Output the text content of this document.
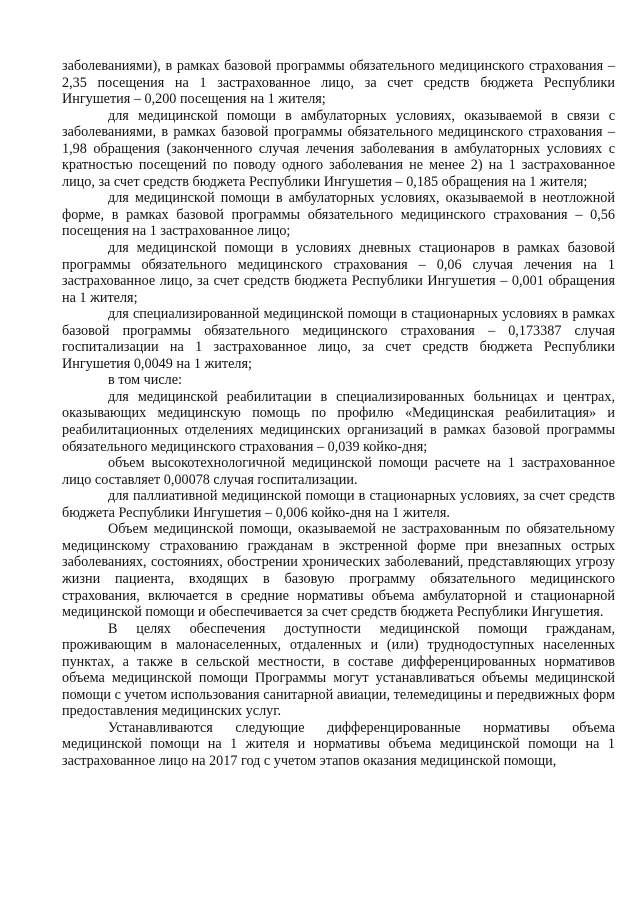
заболеваниями), в рамках базовой программы обязательного медицинского страхования – 2,35 посещения на 1 застрахованное лицо, за счет средств бюджета Республики Ингушетия – 0,200 посещения на 1 жителя;

для медицинской помощи в амбулаторных условиях, оказываемой в связи с заболеваниями, в рамках базовой программы обязательного медицинского страхования – 1,98 обращения (законченного случая лечения заболевания в амбулаторных условиях с кратностью посещений по поводу одного заболевания не менее 2) на 1 застрахованное лицо, за счет средств бюджета Республики Ингушетия – 0,185 обращения на 1 жителя;

для медицинской помощи в амбулаторных условиях, оказываемой в неотложной форме, в рамках базовой программы обязательного медицинского страхования – 0,56 посещения на 1 застрахованное лицо;

для медицинской помощи в условиях дневных стационаров в рамках базовой программы обязательного медицинского страхования – 0,06 случая лечения на 1 застрахованное лицо, за счет средств бюджета Республики Ингушетия – 0,001 обращения на 1 жителя;

для специализированной медицинской помощи в стационарных условиях в рамках базовой программы обязательного медицинского страхования – 0,173387 случая госпитализации на 1 застрахованное лицо, за счет средств бюджета Республики Ингушетия 0,0049 на 1 жителя;

в том числе:

для медицинской реабилитации в специализированных больницах и центрах, оказывающих медицинскую помощь по профилю «Медицинская реабилитация» и реабилитационных отделениях медицинских организаций в рамках базовой программы обязательного медицинского страхования – 0,039 койко-дня;

объем высокотехнологичной медицинской помощи расчете на 1 застрахованное лицо составляет 0,00078 случая госпитализации.

для паллиативной медицинской помощи в стационарных условиях, за счет средств бюджета Республики Ингушетия – 0,006 койко-дня на 1 жителя.

Объем медицинской помощи, оказываемой не застрахованным по обязательному медицинскому страхованию гражданам в экстренной форме при внезапных острых заболеваниях, состояниях, обострении хронических заболеваний, представляющих угрозу жизни пациента, входящих в базовую программу обязательного медицинского страхования, включается в средние нормативы объема амбулаторной и стационарной медицинской помощи и обеспечивается за счет средств бюджета Республики Ингушетия.

В целях обеспечения доступности медицинской помощи гражданам, проживающим в малонаселенных, отдаленных и (или) труднодоступных населенных пунктах, а также в сельской местности, в составе дифференцированных нормативов объема медицинской помощи Программы могут устанавливаться объемы медицинской помощи с учетом использования санитарной авиации, телемедицины и передвижных форм предоставления медицинских услуг.

Устанавливаются следующие дифференцированные нормативы объема медицинской помощи на 1 жителя и нормативы объема медицинской помощи на 1 застрахованное лицо на 2017 год с учетом этапов оказания медицинской помощи,
